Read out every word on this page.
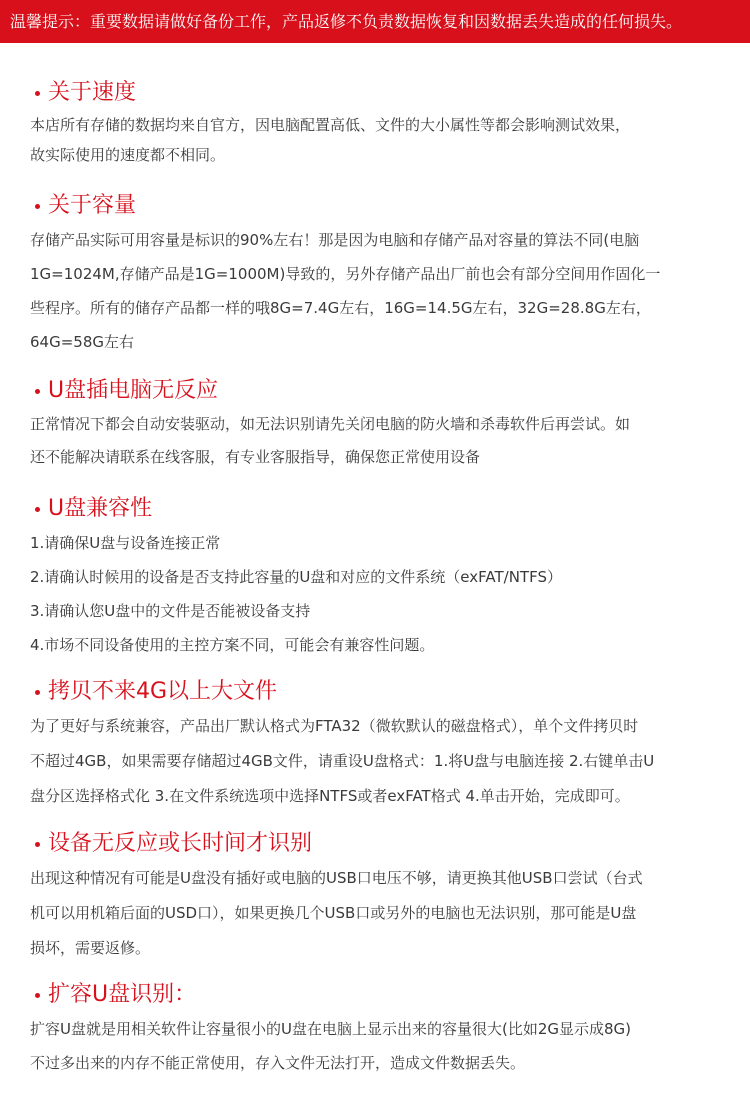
温馨提示：重要数据请做好备份工作，产品返修不负责数据恢复和因数据丢失造成的任何损失。
关于速度

本店所有存储的数据均来自官方，因电脑配置高低、文件的大小属性等都会影响测试效果，
故实际使用的速度都不相同。

关于容量

存储产品实际可用容量是标识的90%左右！那是因为电脑和存储产品对容量的算法不同(电脑
1G=1024M,存储产品是1G=1000M)导致的，另外存储产品出厂前也会有部分空间用作固化一
些程序。所有的储存产品都一样的哦8G=7.4G左右，16G=14.5G左右，32G=28.8G左右，
64G=58G左右

U盘插电脑无反应

正常情况下都会自动安装驱动，如无法识别请先关闭电脑的防火墙和杀毒软件后再尝试。如
还不能解决请联系在线客服，有专业客服指导，确保您正常使用设备

U盘兼容性

1.请确保U盘与设备连接正常
2.请确认时候用的设备是否支持此容量的U盘和对应的文件系统（exFAT/NTFS）
3.请确认您U盘中的文件是否能被设备支持
4.市场不同设备使用的主控方案不同，可能会有兼容性问题。

拷贝不来4G以上大文件

为了更好与系统兼容，产品出厂默认格式为FTA32（微软默认的磁盘格式），单个文件拷贝时
不超过4GB，如果需要存储超过4GB文件，请重设U盘格式：1.将U盘与电脑连接 2.右键单击U
盘分区选择格式化 3.在文件系统选项中选择NTFS或者exFAT格式 4.单击开始，完成即可。

设备无反应或长时间才识别

出现这种情况有可能是U盘没有插好或电脑的USB口电压不够，请更换其他USB口尝试（台式
机可以用机箱后面的USD口），如果更换几个USB口或另外的电脑也无法识别，那可能是U盘
损坏，需要返修。

扩容U盘识别：

扩容U盘就是用相关软件让容量很小的U盘在电脑上显示出来的容量很大(比如2G显示成8G)
不过多出来的内存不能正常使用，存入文件无法打开，造成文件数据丢失。
